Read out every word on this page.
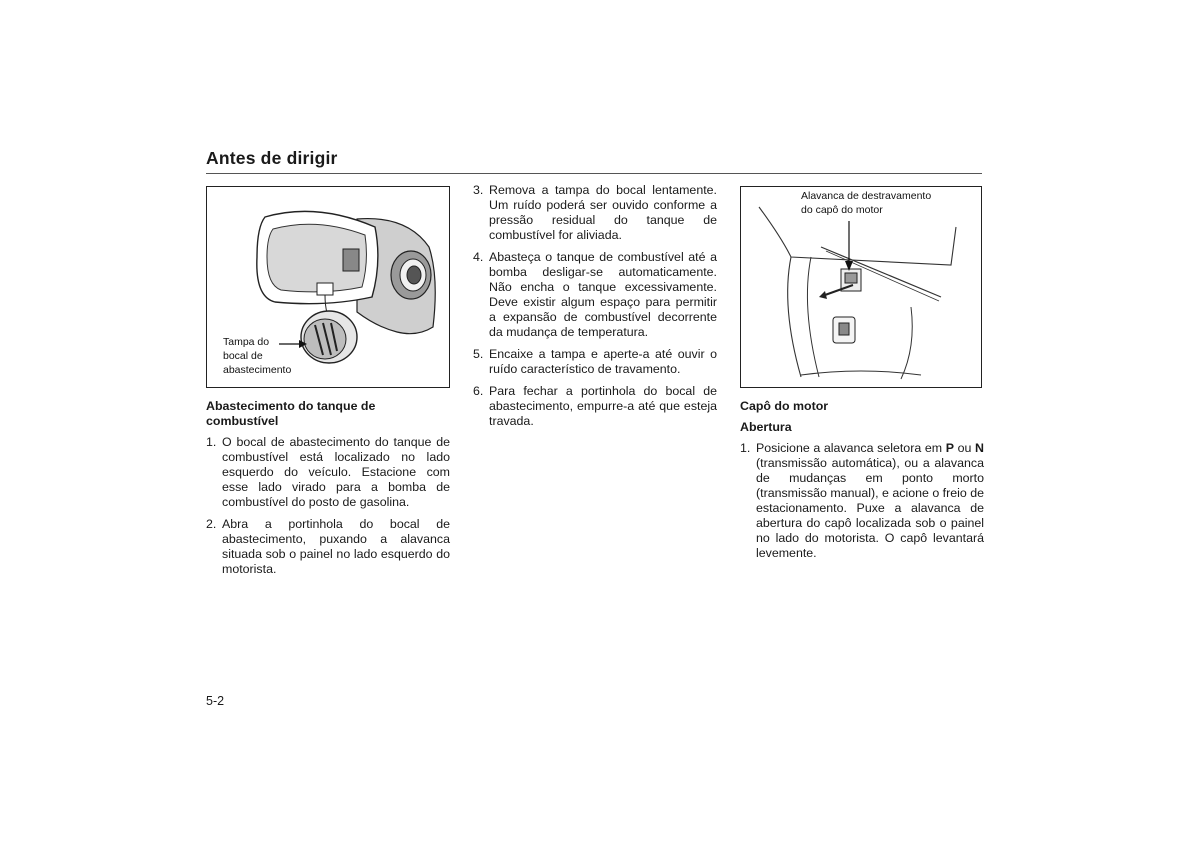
Antes de dirigir
Tampa do
bocal de
abastecimento
Alavanca de destravamento
do capô do motor
Abastecimento do tanque de combustível
1. O bocal de abastecimento do tanque de combustível está localizado no lado esquerdo do veículo. Estacione com esse lado virado para a bomba de combustível do posto de gasolina.
2. Abra a portinhola do bocal de abastecimento, puxando a alavanca situada sob o painel no lado esquerdo do motorista.
3. Remova a tampa do bocal lentamente. Um ruído poderá ser ouvido conforme a pressão residual do tanque de combustível for aliviada.
4. Abasteça o tanque de combustível até a bomba desligar-se automaticamente. Não encha o tanque excessivamente. Deve existir algum espaço para permitir a expansão de combustível decorrente da mudança de temperatura.
5. Encaixe a tampa e aperte-a até ouvir o ruído característico de travamento.
6. Para fechar a portinhola do bocal de abastecimento, empurre-a até que esteja travada.
Capô do motor
Abertura
1. Posicione a alavanca seletora em P ou N (transmissão automática), ou a alavanca de mudanças em ponto morto (transmissão manual), e acione o freio de estacionamento. Puxe a alavanca de abertura do capô localizada sob o painel no lado do motorista. O capô levantará levemente.
5-2
